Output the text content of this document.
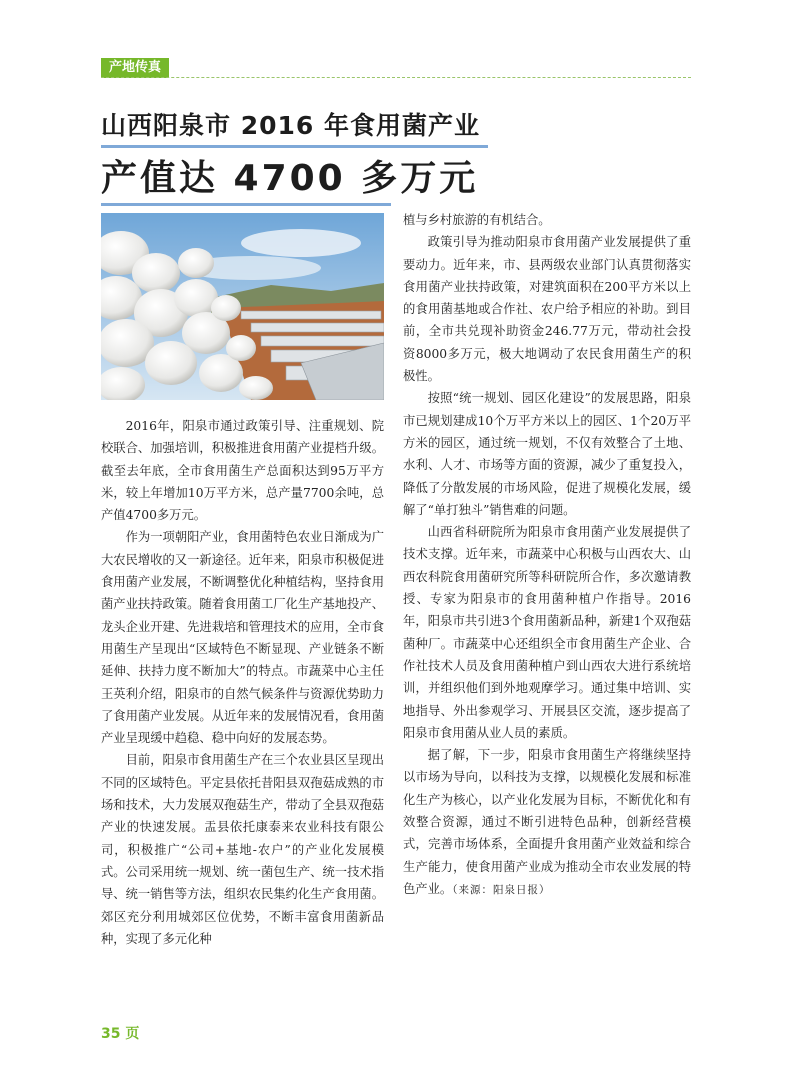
产地传真
山西阳泉市 2016 年食用菌产业
产值达 4700 多万元

2016年，阳泉市通过政策引导、注重规划、院校联合、加强培训，积极推进食用菌产业提档升级。截至去年底，全市食用菌生产总面积达到95万平方米，较上年增加10万平方米，总产量7700余吨，总产值4700多万元。

作为一项朝阳产业，食用菌特色农业日渐成为广大农民增收的又一新途径。近年来，阳泉市积极促进食用菌产业发展，不断调整优化种植结构，坚持食用菌产业扶持政策。随着食用菌工厂化生产基地投产、龙头企业开建、先进栽培和管理技术的应用，全市食用菌生产呈现出“区域特色不断显现、产业链条不断延伸、扶持力度不断加大”的特点。市蔬菜中心主任王英利介绍，阳泉市的自然气候条件与资源优势助力了食用菌产业发展。从近年来的发展情况看，食用菌产业呈现缓中趋稳、稳中向好的发展态势。

目前，阳泉市食用菌生产在三个农业县区呈现出不同的区域特色。平定县依托昔阳县双孢菇成熟的市场和技术，大力发展双孢菇生产，带动了全县双孢菇产业的快速发展。盂县依托康泰来农业科技有限公司，积极推广“公司+基地-农户”的产业化发展模式。公司采用统一规划、统一菌包生产、统一技术指导、统一销售等方法，组织农民集约化生产食用菌。郊区充分利用城郊区位优势，不断丰富食用菌新品种，实现了多元化种

植与乡村旅游的有机结合。

政策引导为推动阳泉市食用菌产业发展提供了重要动力。近年来，市、县两级农业部门认真贯彻落实食用菌产业扶持政策，对建筑面积在200平方米以上的食用菌基地或合作社、农户给予相应的补助。到目前，全市共兑现补助资金246.77万元，带动社会投资8000多万元，极大地调动了农民食用菌生产的积极性。

按照“统一规划、园区化建设”的发展思路，阳泉市已规划建成10个万平方米以上的园区、1个20万平方米的园区，通过统一规划，不仅有效整合了土地、水利、人才、市场等方面的资源，减少了重复投入，降低了分散发展的市场风险，促进了规模化发展，缓解了“单打独斗”销售难的问题。

山西省科研院所为阳泉市食用菌产业发展提供了技术支撑。近年来，市蔬菜中心积极与山西农大、山西农科院食用菌研究所等科研院所合作，多次邀请教授、专家为阳泉市的食用菌种植户作指导。2016年，阳泉市共引进3个食用菌新品种，新建1个双孢菇菌种厂。市蔬菜中心还组织全市食用菌生产企业、合作社技术人员及食用菌种植户到山西农大进行系统培训，并组织他们到外地观摩学习。通过集中培训、实地指导、外出参观学习、开展县区交流，逐步提高了阳泉市食用菌从业人员的素质。

据了解，下一步，阳泉市食用菌生产将继续坚持以市场为导向，以科技为支撑，以规模化发展和标准化生产为核心，以产业化发展为目标，不断优化和有效整合资源，通过不断引进特色品种，创新经营模式，完善市场体系，全面提升食用菌产业效益和综合生产能力，使食用菌产业成为推动全市农业发展的特色产业。（来源：阳泉日报）

35 页
